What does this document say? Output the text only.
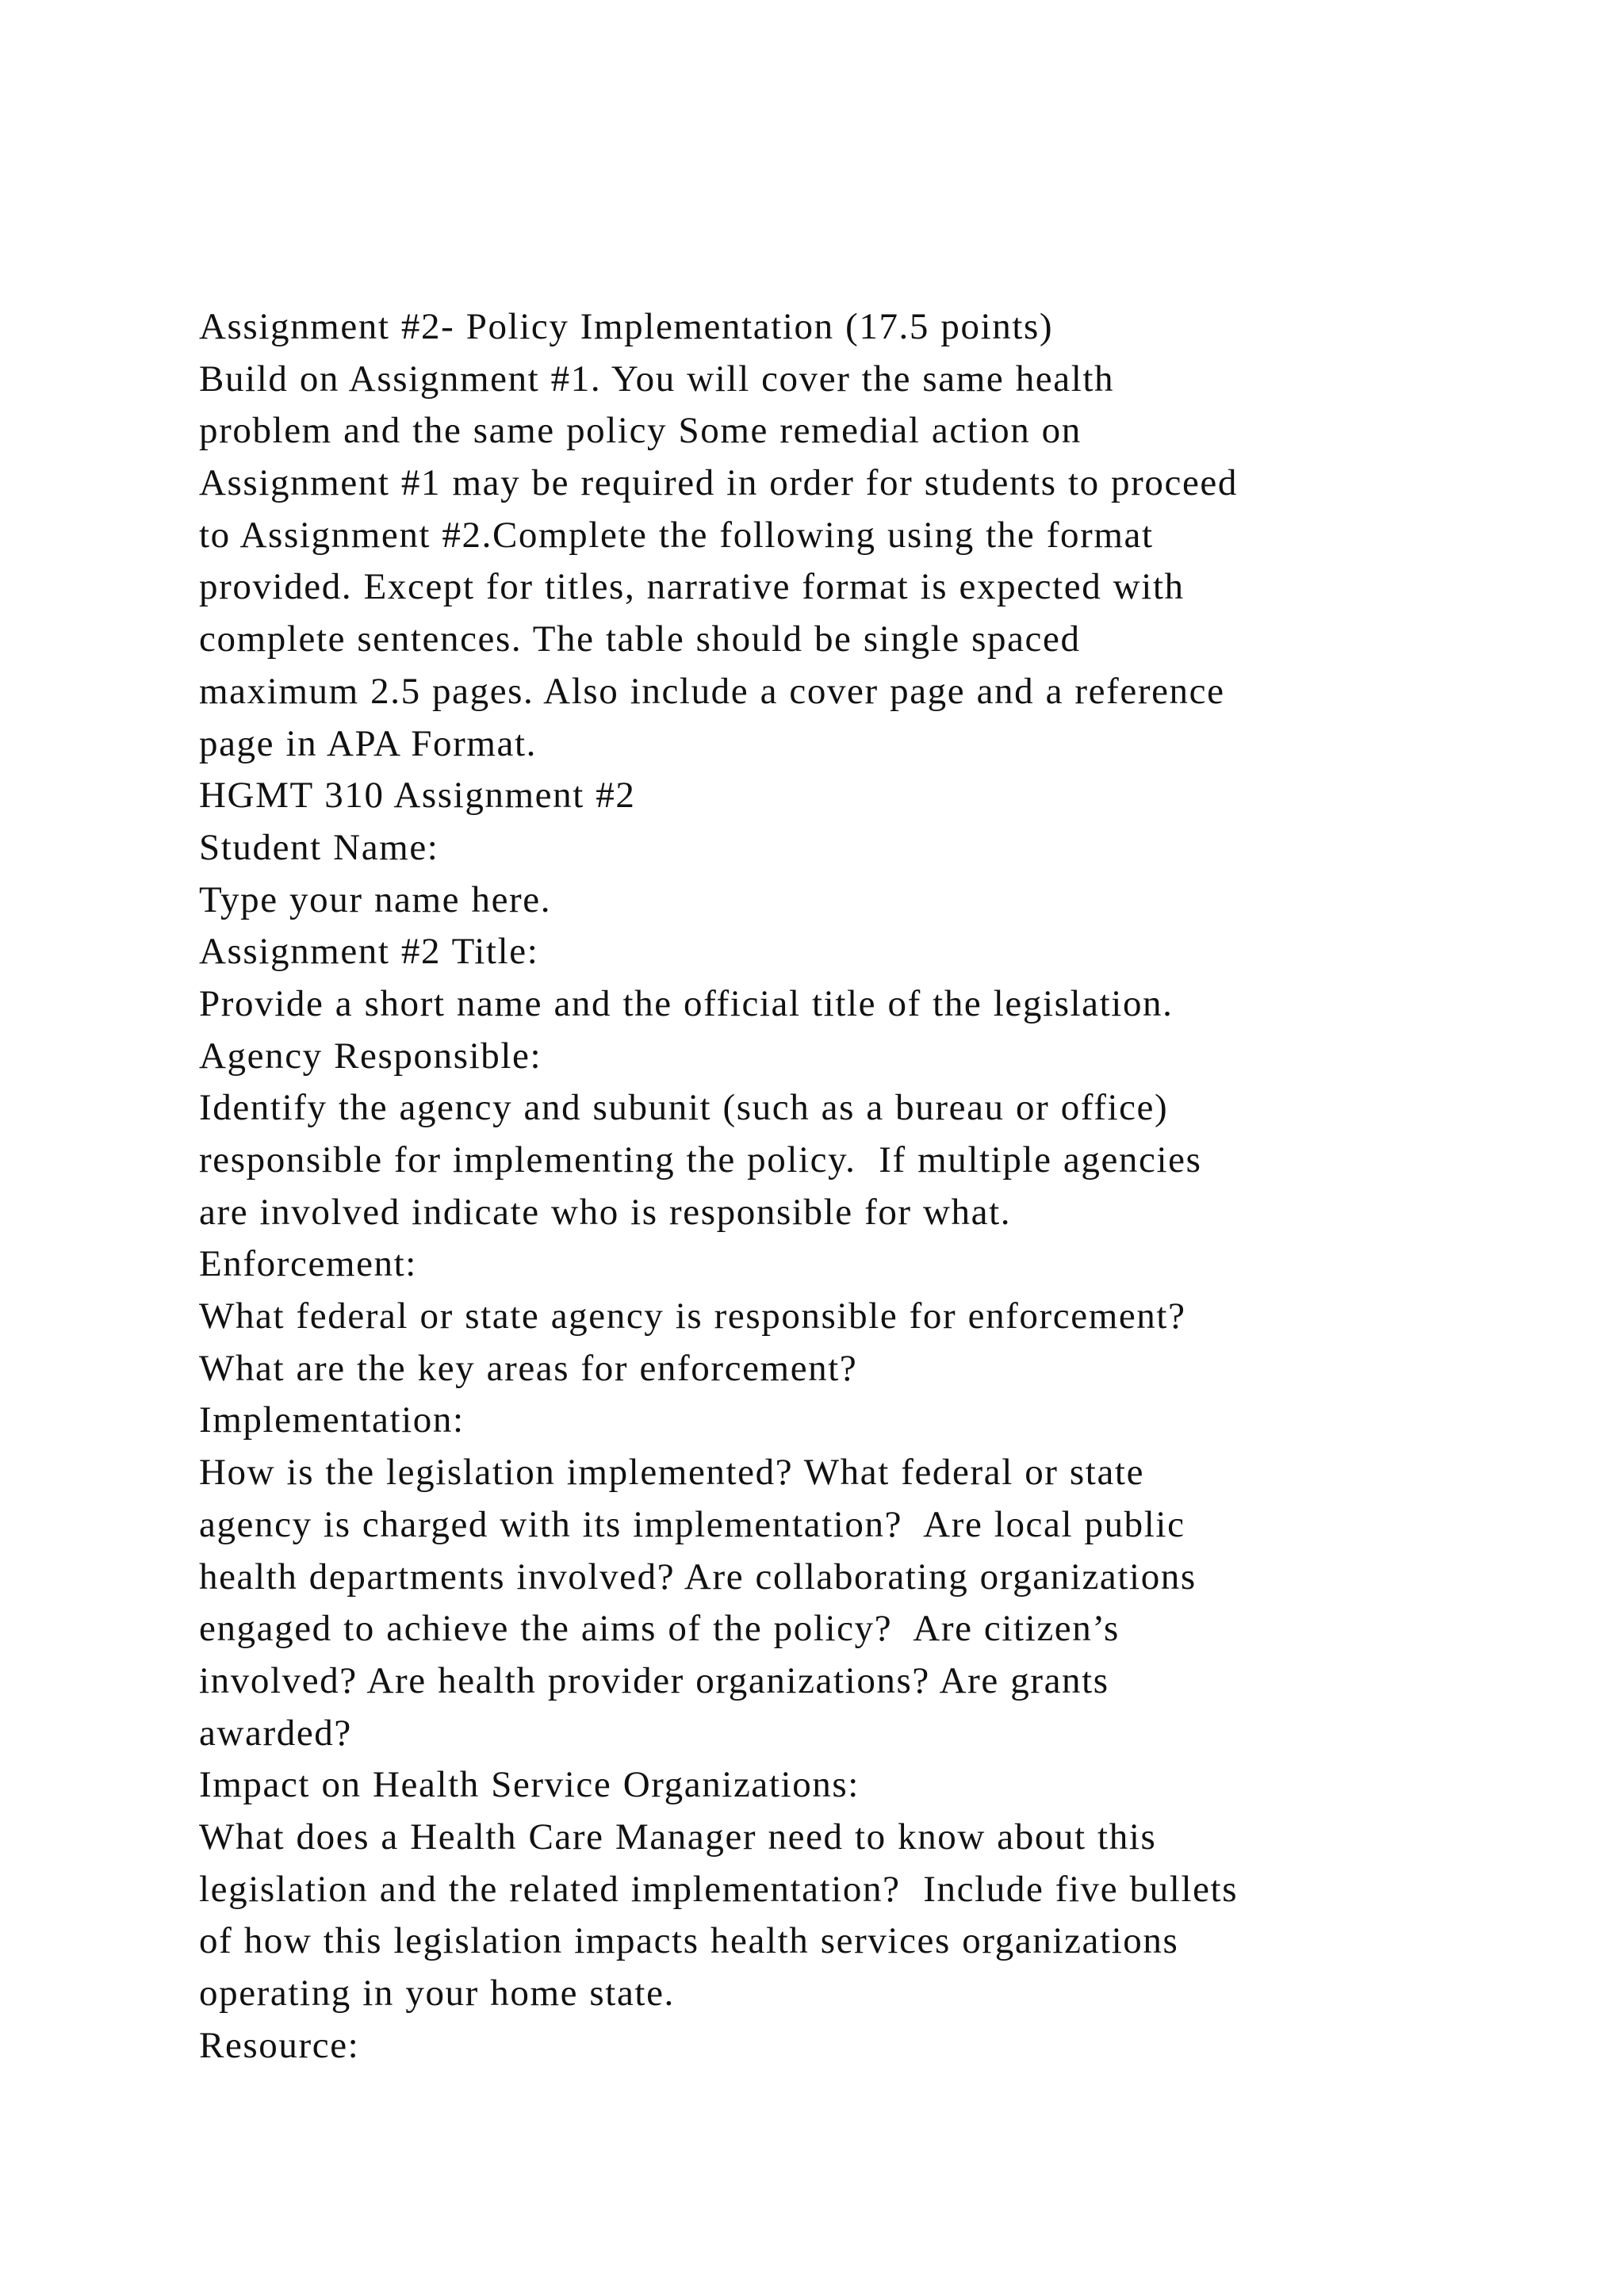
Assignment #2- Policy Implementation (17.5 points)
Build on Assignment #1. You will cover the same health
problem and the same policy Some remedial action on
Assignment #1 may be required in order for students to proceed
to Assignment #2.Complete the following using the format
provided. Except for titles, narrative format is expected with
complete sentences. The table should be single spaced
maximum 2.5 pages. Also include a cover page and a reference
page in APA Format.
HGMT 310 Assignment #2
Student Name:
Type your name here.
Assignment #2 Title:
Provide a short name and the official title of the legislation.
Agency Responsible:
Identify the agency and subunit (such as a bureau or office)
responsible for implementing the policy.  If multiple agencies
are involved indicate who is responsible for what.
Enforcement:
What federal or state agency is responsible for enforcement?
What are the key areas for enforcement?
Implementation:
How is the legislation implemented? What federal or state
agency is charged with its implementation?  Are local public
health departments involved? Are collaborating organizations
engaged to achieve the aims of the policy?  Are citizen’s
involved? Are health provider organizations? Are grants
awarded?
Impact on Health Service Organizations:
What does a Health Care Manager need to know about this
legislation and the related implementation?  Include five bullets
of how this legislation impacts health services organizations
operating in your home state.
Resource:
